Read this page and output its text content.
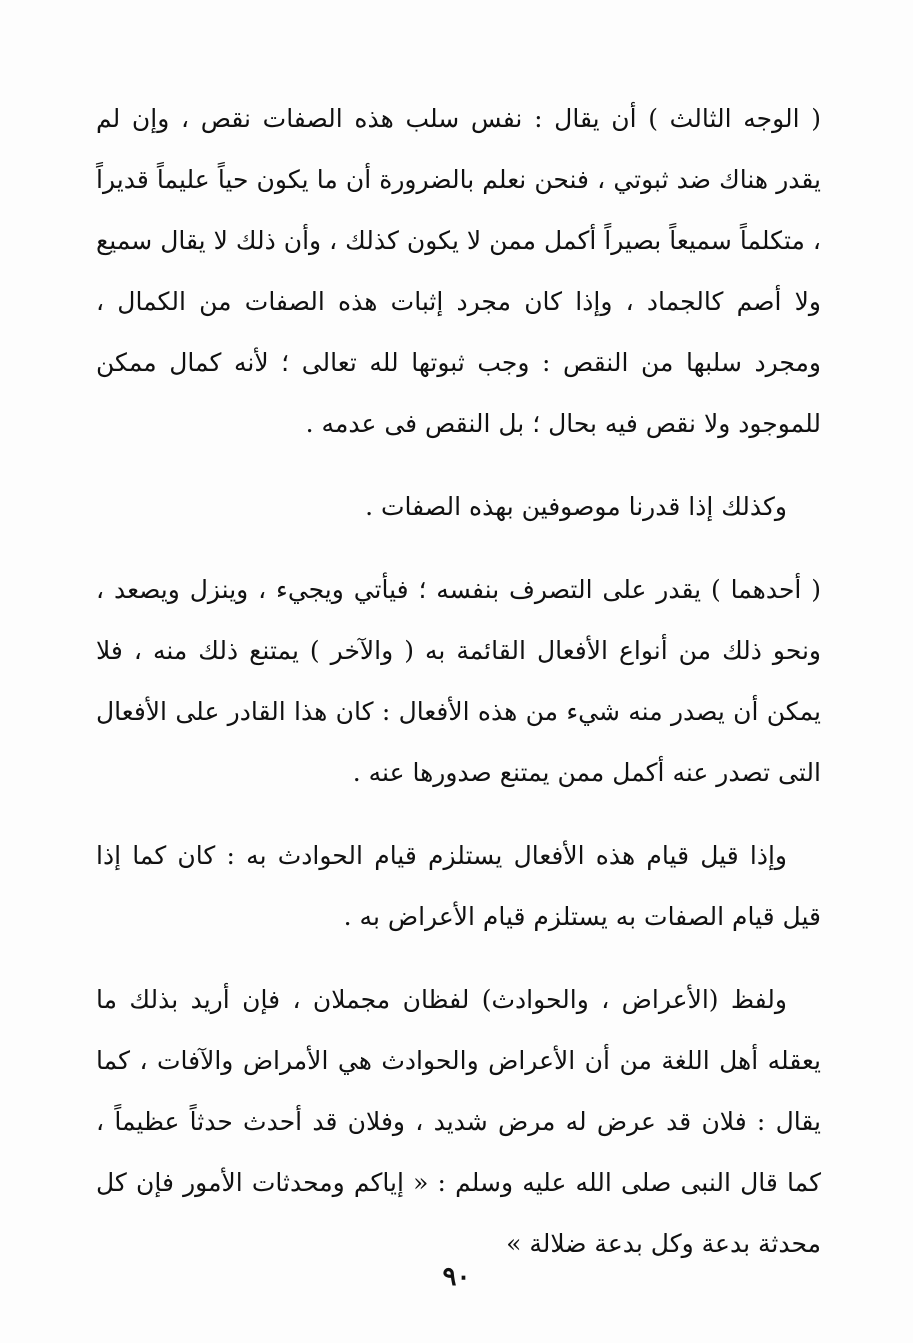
( الوجه الثالث ) أن يقال : نفس سلب هذه الصفات نقص ، وإن لم يقدر هناك ضد ثبوتي ، فنحن نعلم بالضرورة أن ما يكون حياً عليماً قديراً ، متكلماً سميعاً بصيراً أكمل ممن لا يكون كذلك ، وأن ذلك لا يقال سميع ولا أصم كالجماد ، وإذا كان مجرد إثبات هذه الصفات من الكمال ، ومجرد سلبها من النقص : وجب ثبوتها لله تعالى ؛ لأنه كمال ممكن للموجود ولا نقص فيه بحال ؛ بل النقص فى عدمه .

وكذلك إذا قدرنا موصوفين بهذه الصفات .

( أحدهما ) يقدر على التصرف بنفسه ؛ فيأتي ويجيء ، وينزل ويصعد ، ونحو ذلك من أنواع الأفعال القائمة به ( والآخر ) يمتنع ذلك منه ، فلا يمكن أن يصدر منه شيء من هذه الأفعال : كان هذا القادر على الأفعال التى تصدر عنه أكمل ممن يمتنع صدورها عنه .

وإذا قيل قيام هذه الأفعال يستلزم قيام الحوادث به : كان كما إذا قيل قيام الصفات به يستلزم قيام الأعراض به .

ولفظ (الأعراض ، والحوادث) لفظان مجملان ، فإن أريد بذلك ما يعقله أهل اللغة من أن الأعراض والحوادث هي الأمراض والآفات ، كما يقال : فلان قد عرض له مرض شديد ، وفلان قد أحدث حدثاً عظيماً ، كما قال النبى صلى الله عليه وسلم : « إياكم ومحدثات الأمور فإن كل محدثة بدعة وكل بدعة ضلالة »

٩٠
